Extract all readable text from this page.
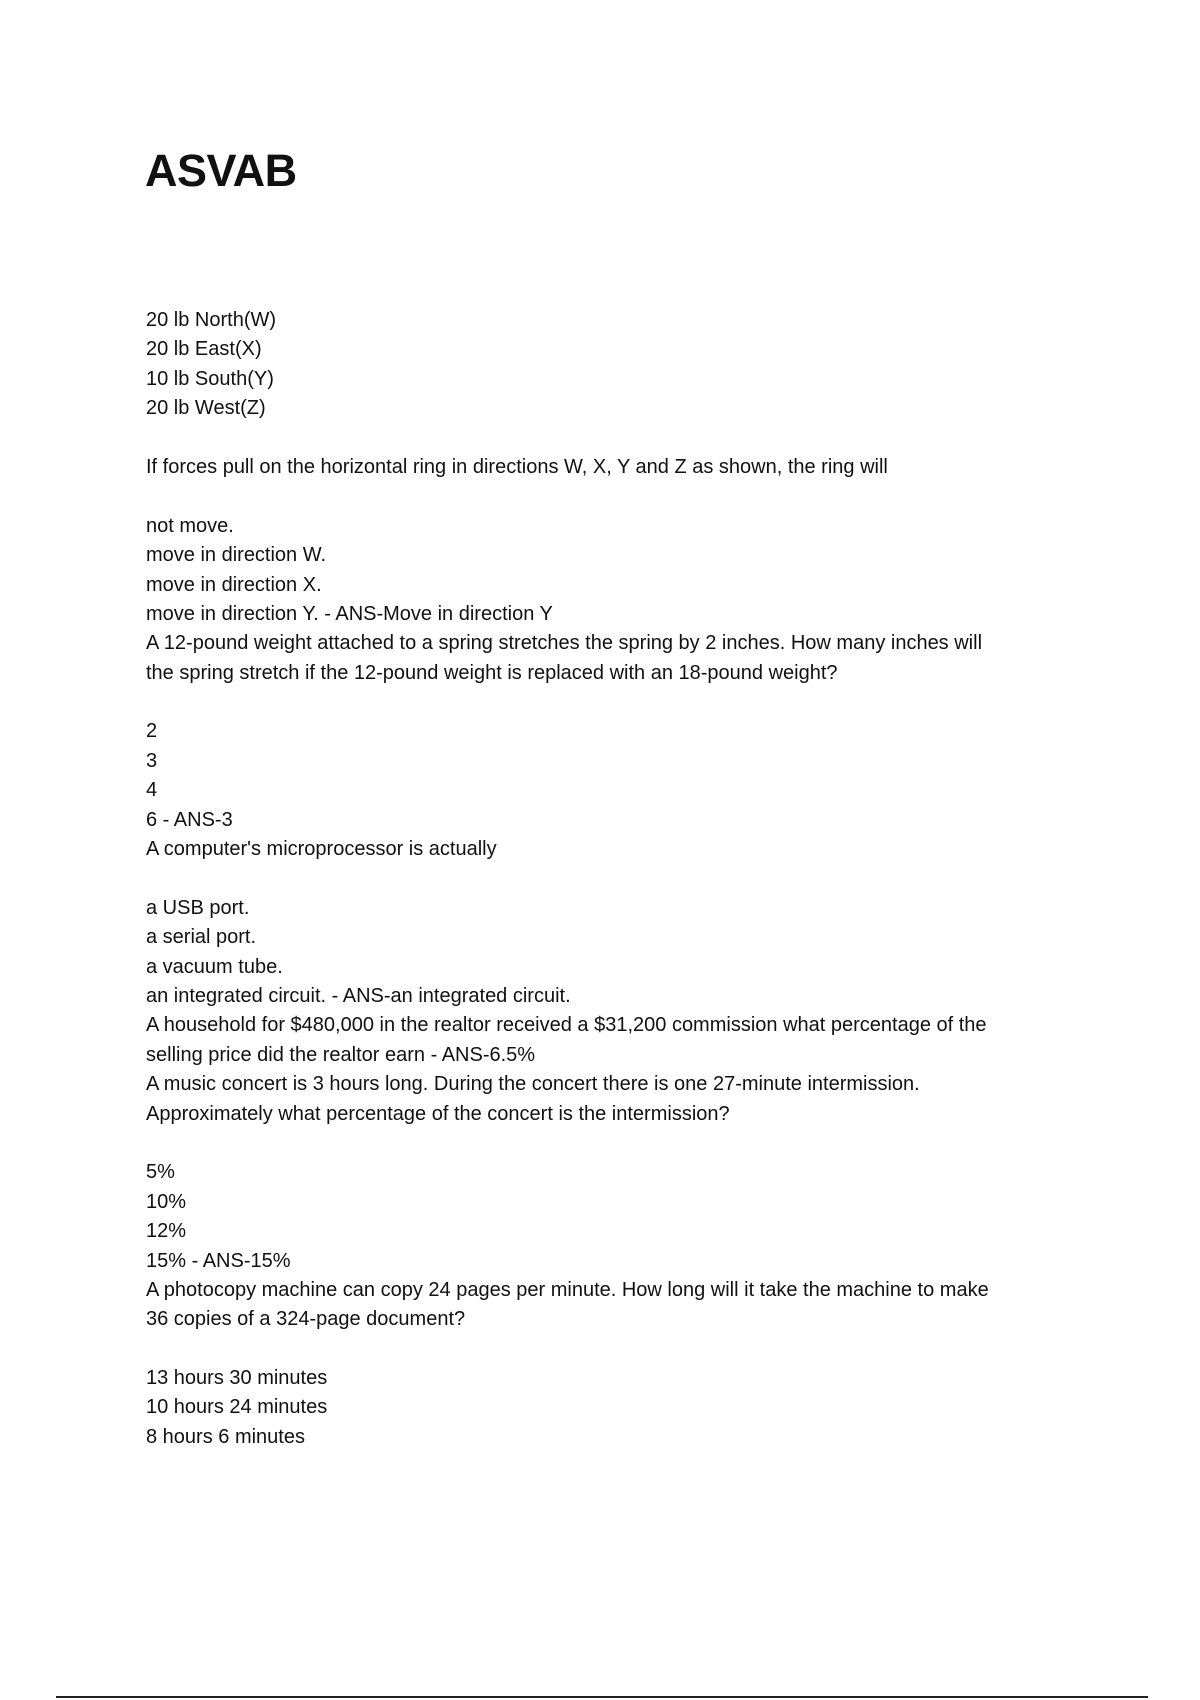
ASVAB
20 lb North(W)
20 lb East(X)
10 lb South(Y)
20 lb West(Z)
If forces pull on the horizontal ring in directions W, X, Y and Z as shown, the ring will
not move.
move in direction W.
move in direction X.
move in direction Y. - ANS-Move in direction Y
A 12-pound weight attached to a spring stretches the spring by 2 inches. How many inches will
the spring stretch if the 12-pound weight is replaced with an 18-pound weight?
2
3
4
6 - ANS-3
A computer's microprocessor is actually
a USB port.
a serial port.
a vacuum tube.
an integrated circuit. - ANS-an integrated circuit.
A household for $480,000 in the realtor received a $31,200 commission what percentage of the
selling price did the realtor earn - ANS-6.5%
A music concert is 3 hours long. During the concert there is one 27-minute intermission.
Approximately what percentage of the concert is the intermission?
5%
10%
12%
15% - ANS-15%
A photocopy machine can copy 24 pages per minute. How long will it take the machine to make
36 copies of a 324-page document?
13 hours 30 minutes
10 hours 24 minutes
8 hours 6 minutes
